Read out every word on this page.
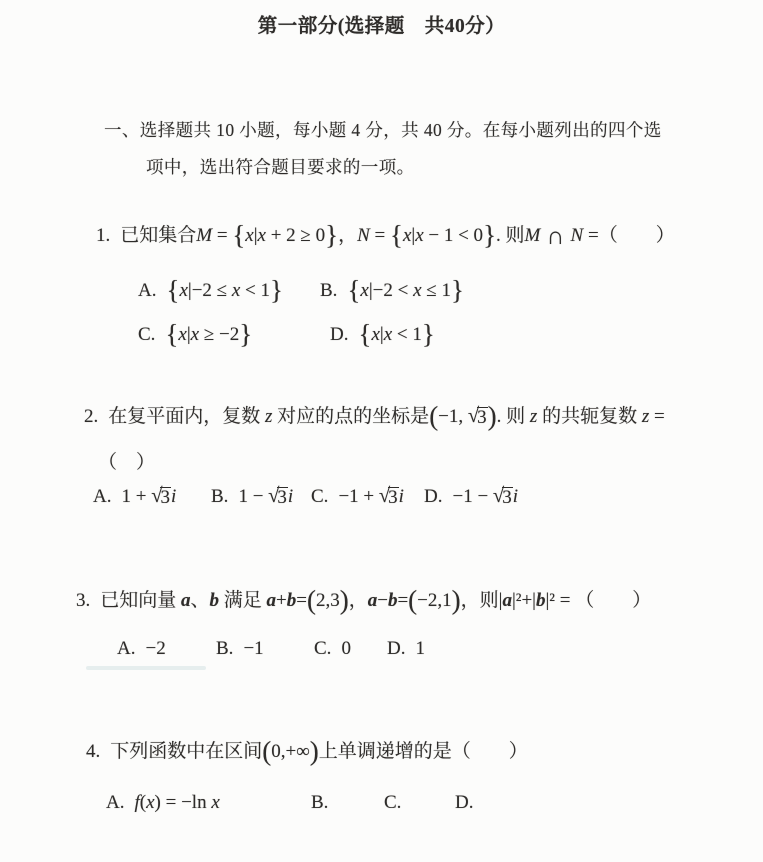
第一部分(选择题　共40分）
一、选择题共 10 小题，每小题 4 分，共 40 分。在每小题列出的四个选
项中，选出符合题目要求的一项。
1. 已知集合M = {x|x + 2 ≥ 0}，N = {x|x − 1 < 0}. 则M ∩ N =（　　）
A. {x|−2 ≤ x < 1} B. {x|−2 < x ≤ 1}
C. {x|x ≥ −2}	D. {x|x < 1}
2. 在复平面内，复数 z 对应的点的坐标是(−1, √3). 则 z 的共轭复数 z =
（　）
A. 1 + √3i B. 1 − √3i C. −1 + √3i D. −1 − √3i
3. 已知向量 a、b 满足 a+b=(2,3)，a−b=(−2,1)，则|a|²+|b|² = （　　）
A. −2	B. −1	C. 0 D. 1
4. 下列函数中在区间(0,+∞)上单调递增的是（　　）
A. f(x) = −ln x	B.	C.	D.
